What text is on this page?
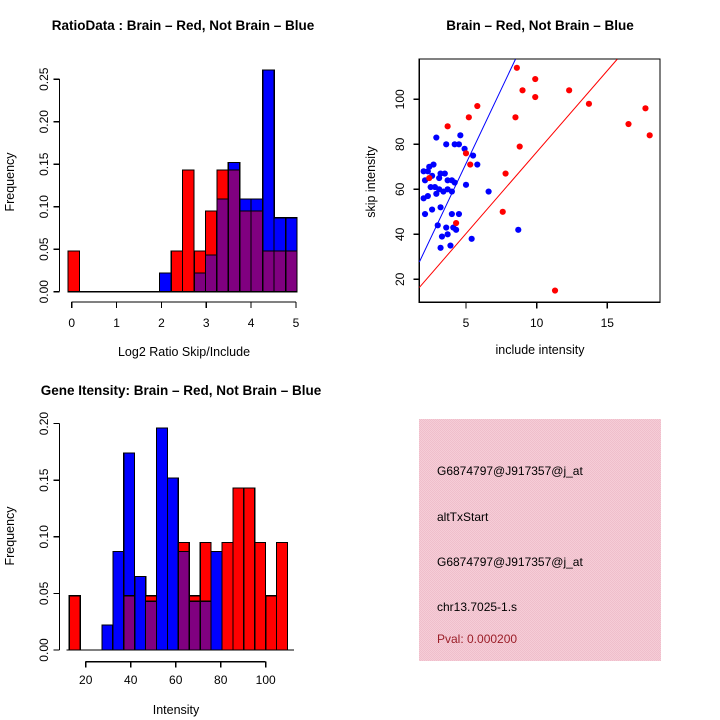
RatioData : Brain – Red, Not Brain – Blue
Log2 Ratio Skip/Include
Frequency
0.00
0.05
0.10
0.15
0.20
0.25
0	1	2	3	4	5
Brain – Red, Not Brain – Blue
include intensity
skip intensity
5	10	15
20
40
60
80
100
Gene Itensity: Brain – Red, Not Brain – Blue
Intensity
Frequency
0.00
0.05
0.10
0.15
0.20
20	40	60	80 100
G6874797@J917357@j_at
altTxStart
G6874797@J917357@j_at
chr13.7025-1.s
Pval: 0.000200
